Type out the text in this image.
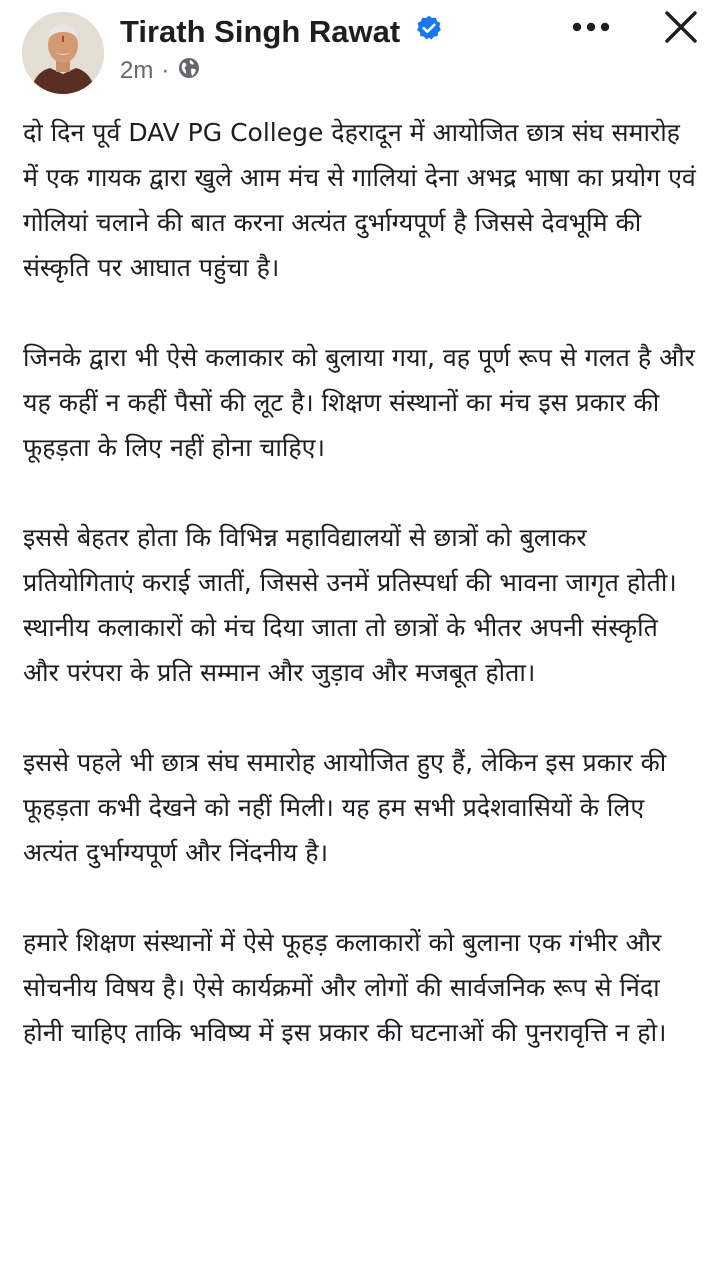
Tirath Singh Rawat
2m ·

दो दिन पूर्व DAV PG College देहरादून में आयोजित छात्र संघ समारोह में एक गायक द्वारा खुले आम मंच से गालियां देना अभद्र भाषा का प्रयोग एवं गोलियां चलाने की बात करना अत्यंत दुर्भाग्यपूर्ण है जिससे देवभूमि की संस्कृति पर आघात पहुंचा है।

जिनके द्वारा भी ऐसे कलाकार को बुलाया गया, वह पूर्ण रूप से गलत है और यह कहीं न कहीं पैसों की लूट है। शिक्षण संस्थानों का मंच इस प्रकार की फूहड़ता के लिए नहीं होना चाहिए।

इससे बेहतर होता कि विभिन्न महाविद्यालयों से छात्रों को बुलाकर प्रतियोगिताएं कराई जातीं, जिससे उनमें प्रतिस्पर्धा की भावना जागृत होती। स्थानीय कलाकारों को मंच दिया जाता तो छात्रों के भीतर अपनी संस्कृति और परंपरा के प्रति सम्मान और जुड़ाव और मजबूत होता।

इससे पहले भी छात्र संघ समारोह आयोजित हुए हैं, लेकिन इस प्रकार की फूहड़ता कभी देखने को नहीं मिली। यह हम सभी प्रदेशवासियों के लिए अत्यंत दुर्भाग्यपूर्ण और निंदनीय है।

हमारे शिक्षण संस्थानों में ऐसे फूहड़ कलाकारों को बुलाना एक गंभीर और सोचनीय विषय है। ऐसे कार्यक्रमों और लोगों की सार्वजनिक रूप से निंदा होनी चाहिए ताकि भविष्य में इस प्रकार की घटनाओं की पुनरावृत्ति न हो।
